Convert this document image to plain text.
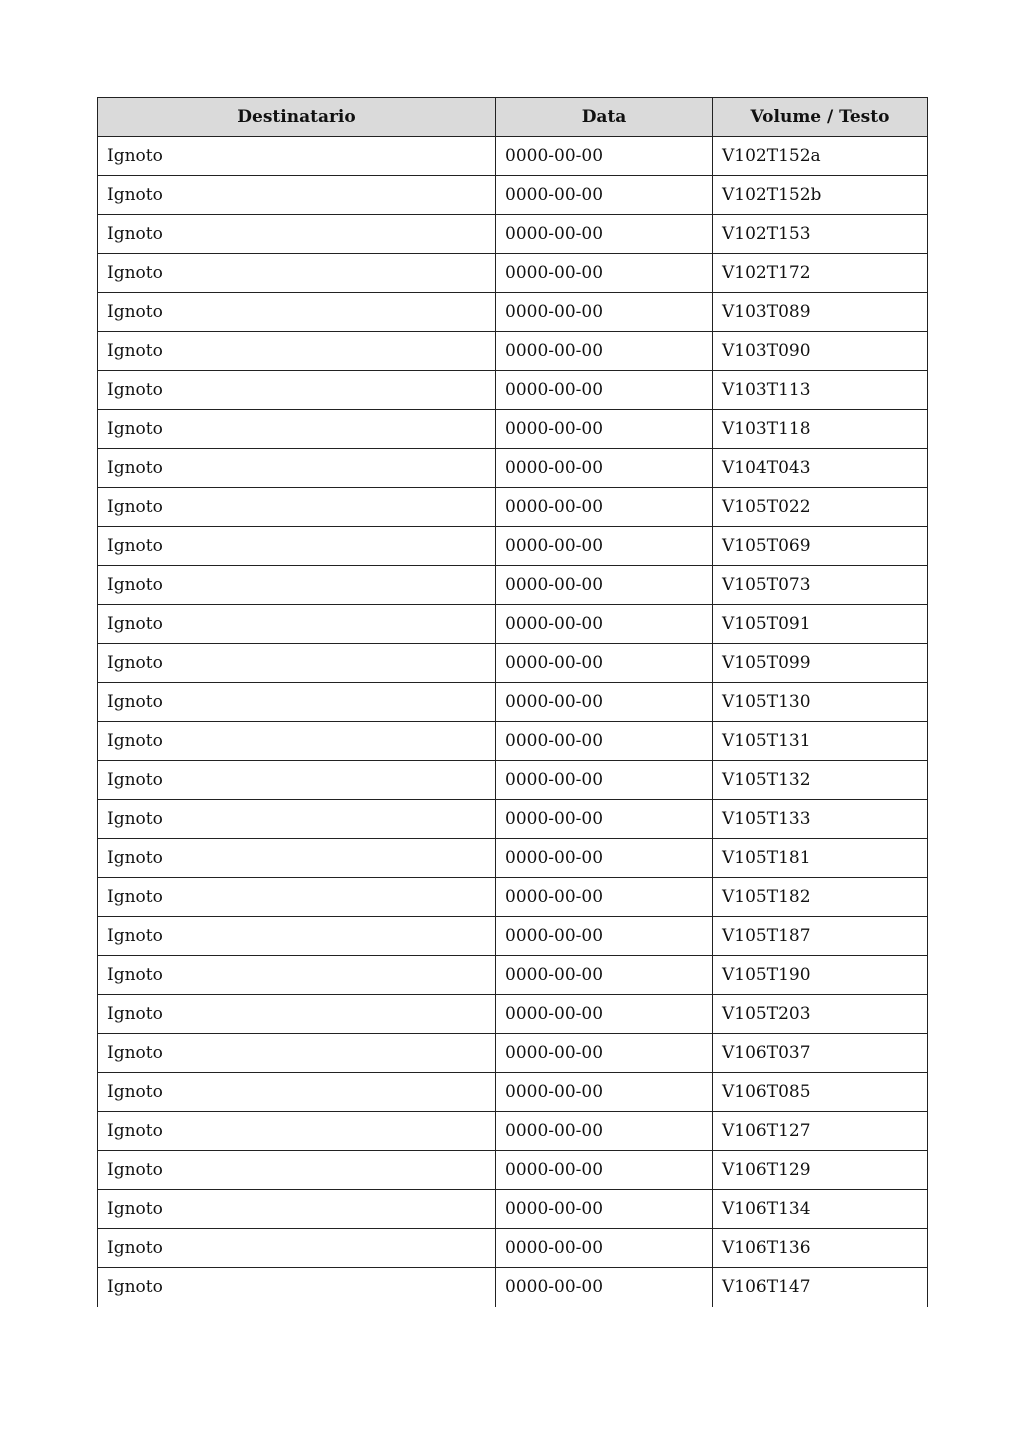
Destinatario	Data	Volume / Testo
Ignoto	0000-00-00	V102T152a
Ignoto	0000-00-00	V102T152b
Ignoto	0000-00-00	V102T153
Ignoto	0000-00-00	V102T172
Ignoto	0000-00-00	V103T089
Ignoto	0000-00-00	V103T090
Ignoto	0000-00-00	V103T113
Ignoto	0000-00-00	V103T118
Ignoto	0000-00-00	V104T043
Ignoto	0000-00-00	V105T022
Ignoto	0000-00-00	V105T069
Ignoto	0000-00-00	V105T073
Ignoto	0000-00-00	V105T091
Ignoto	0000-00-00	V105T099
Ignoto	0000-00-00	V105T130
Ignoto	0000-00-00	V105T131
Ignoto	0000-00-00	V105T132
Ignoto	0000-00-00	V105T133
Ignoto	0000-00-00	V105T181
Ignoto	0000-00-00	V105T182
Ignoto	0000-00-00	V105T187
Ignoto	0000-00-00	V105T190
Ignoto	0000-00-00	V105T203
Ignoto	0000-00-00	V106T037
Ignoto	0000-00-00	V106T085
Ignoto	0000-00-00	V106T127
Ignoto	0000-00-00	V106T129
Ignoto	0000-00-00	V106T134
Ignoto	0000-00-00	V106T136
Ignoto	0000-00-00	V106T147
